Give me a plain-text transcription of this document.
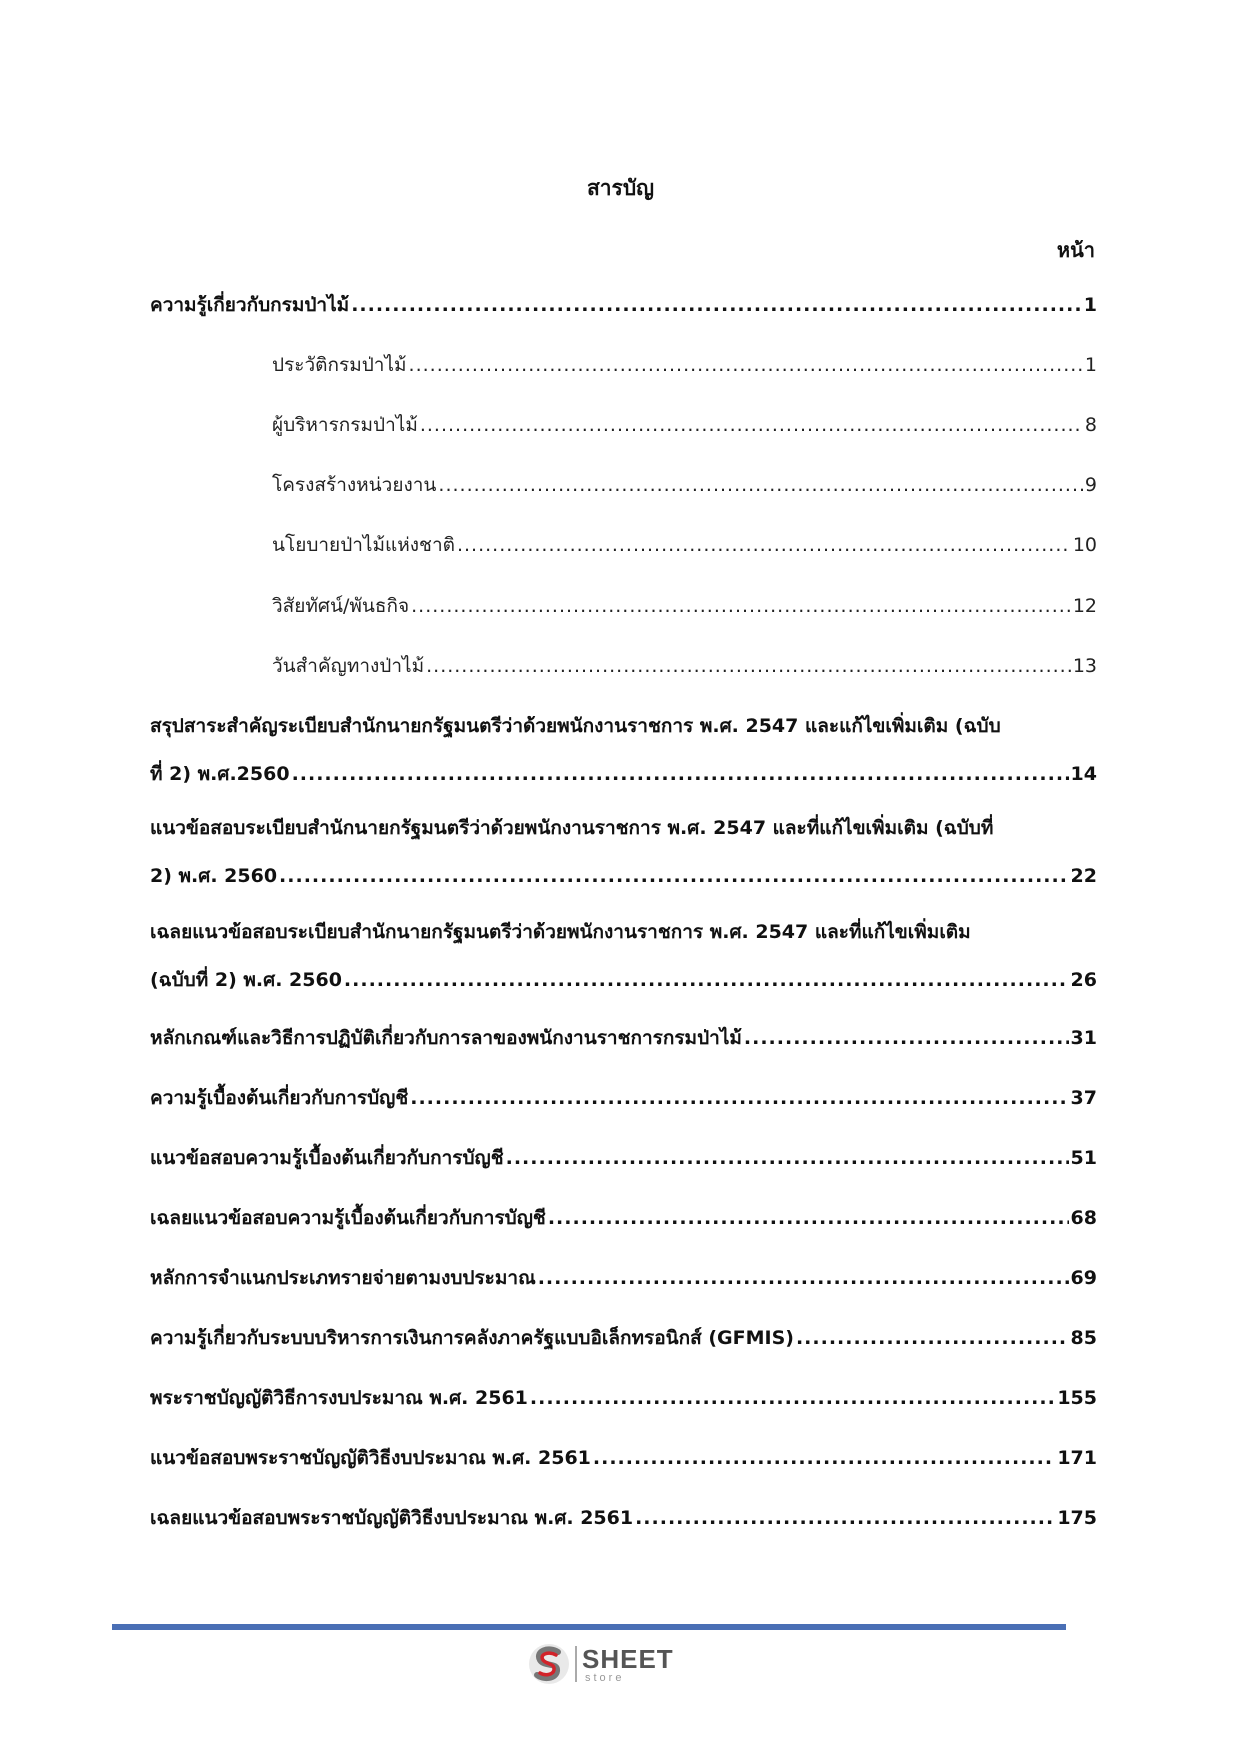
สารบัญ
หน้า
ความรู้เกี่ยวกับกรมป่าไม้ .....	1
ประวัติกรมป่าไม้ .....	1
ผู้บริหารกรมป่าไม้ .....	8
โครงสร้างหน่วยงาน .....	9
นโยบายป่าไม้แห่งชาติ .....	10
วิสัยทัศน์/พันธกิจ .....	12
วันสำคัญทางป่าไม้ .....	13
สรุปสาระสำคัญระเบียบสำนักนายกรัฐมนตรีว่าด้วยพนักงานราชการ พ.ศ. 2547 และแก้ไขเพิ่มเติม (ฉบับ
ที่ 2) พ.ศ.2560 .....	14
แนวข้อสอบระเบียบสำนักนายกรัฐมนตรีว่าด้วยพนักงานราชการ พ.ศ. 2547 และที่แก้ไขเพิ่มเติม (ฉบับที่
2) พ.ศ. 2560 .....	22
เฉลยแนวข้อสอบระเบียบสำนักนายกรัฐมนตรีว่าด้วยพนักงานราชการ พ.ศ. 2547 และที่แก้ไขเพิ่มเติม
(ฉบับที่ 2) พ.ศ. 2560 .....	26
หลักเกณฑ์และวิธีการปฏิบัติเกี่ยวกับการลาของพนักงานราชการกรมป่าไม้ .....	31
ความรู้เบื้องต้นเกี่ยวกับการบัญชี .....	37
แนวข้อสอบความรู้เบื้องต้นเกี่ยวกับการบัญชี .....	51
เฉลยแนวข้อสอบความรู้เบื้องต้นเกี่ยวกับการบัญชี .....	68
หลักการจำแนกประเภทรายจ่ายตามงบประมาณ .....	69
ความรู้เกี่ยวกับระบบบริหารการเงินการคลังภาครัฐแบบอิเล็กทรอนิกส์ (GFMIS) .....	85
พระราชบัญญัติวิธีการงบประมาณ พ.ศ. 2561 .....	155
แนวข้อสอบพระราชบัญญัติวิธีงบประมาณ พ.ศ. 2561 .....	171
เฉลยแนวข้อสอบพระราชบัญญัติวิธีงบประมาณ พ.ศ. 2561 .....	175
SHEET
store
